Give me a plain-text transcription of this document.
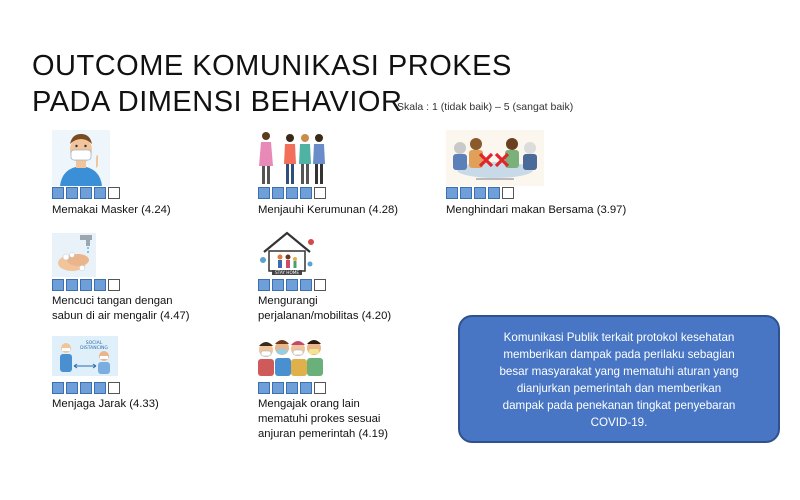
OUTCOME KOMUNIKASI PROKES
PADA DIMENSI BEHAVIOR
Skala : 1 (tidak baik) – 5 (sangat baik)
Memakai Masker (4.24)	Menjauhi Kerumunan (4.28)	Menghindari makan Bersama (3.97)
Mencuci tangan dengan
sabun di air mengalir (4.47)
STAY HOME
Mengurangi
perjalanan/mobilitas (4.20)
SOCIAL
DISTANCING
Menjaga Jarak (4.33)	Mengajak orang lain
mematuhi prokes sesuai
anjuran pemerintah (4.19)
Komunikasi Publik terkait protokol kesehatan
memberikan dampak pada perilaku sebagian
besar masyarakat yang mematuhi aturan yang
dianjurkan pemerintah dan memberikan
dampak pada penekanan tingkat penyebaran
COVID-19.
